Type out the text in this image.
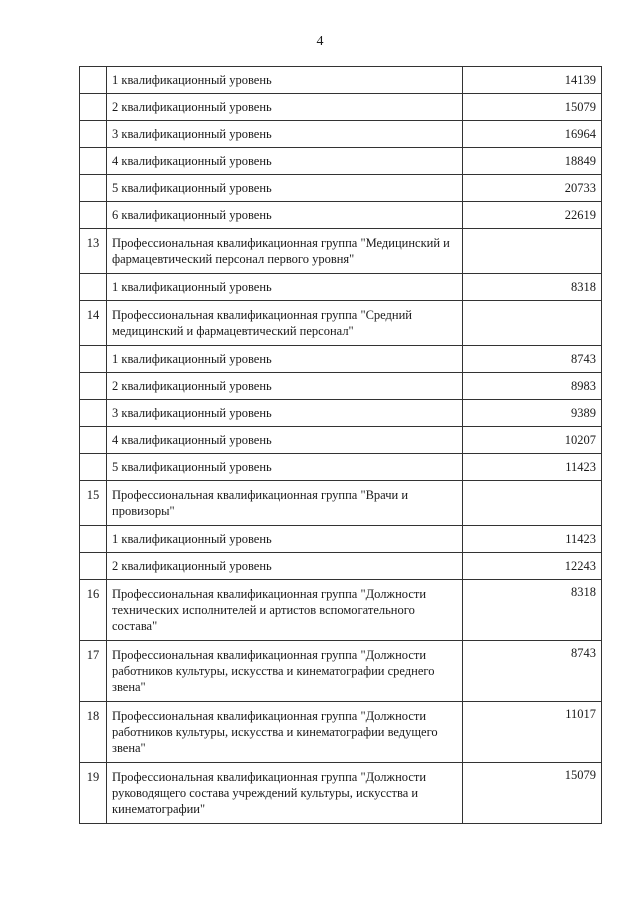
4
	1 квалификационный уровень	14139
	2 квалификационный уровень	15079
	3 квалификационный уровень	16964
	4 квалификационный уровень	18849
	5 квалификационный уровень	20733
	6 квалификационный уровень	22619
13	Профессиональная квалификационная группа "Медицинский и фармацевтический персонал первого уровня"	
	1 квалификационный уровень	8318
14	Профессиональная квалификационная группа "Средний медицинский и фармацевтический персонал"	
	1 квалификационный уровень	8743
	2 квалификационный уровень	8983
	3 квалификационный уровень	9389
	4 квалификационный уровень	10207
	5 квалификационный уровень	11423
15	Профессиональная квалификационная группа "Врачи и провизоры"	
	1 квалификационный уровень	11423
	2 квалификационный уровень	12243
16	Профессиональная квалификационная группа "Должности технических исполнителей и артистов вспомогательного состава"	8318
17	Профессиональная квалификационная группа "Должности работников культуры, искусства и кинематографии среднего звена"	8743
18	Профессиональная квалификационная группа "Должности работников культуры, искусства и кинематографии ведущего звена"	11017
19	Профессиональная квалификационная группа "Должности руководящего состава учреждений культуры, искусства и кинематографии"	15079
